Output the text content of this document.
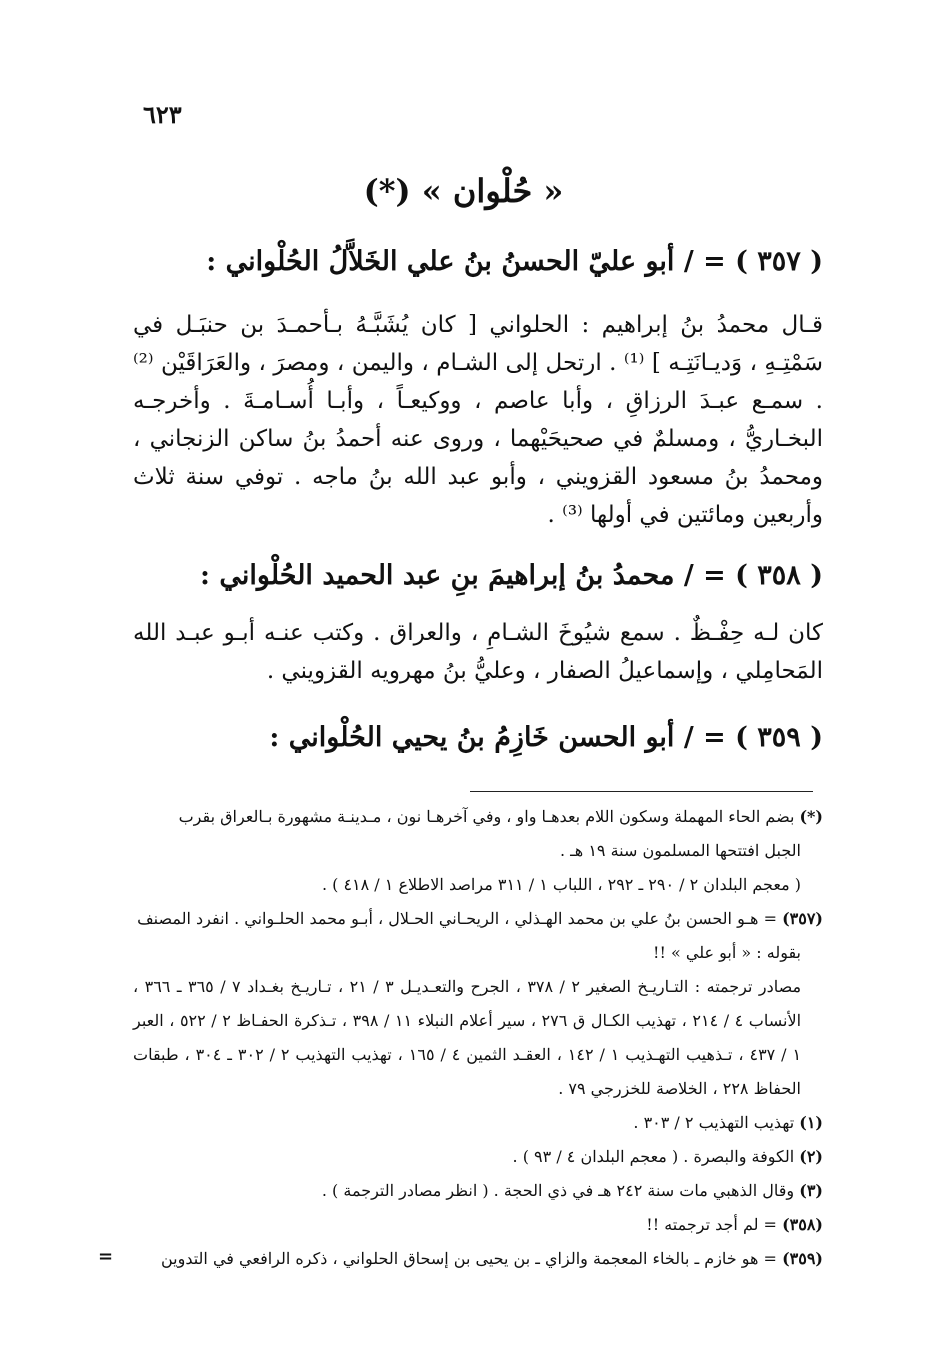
٦٢٣
« حُلْوان » (*)
( ٣٥٧ ) = / أبو عليّ الحسنُ بنُ علي الخَلاَّلُ الحُلْواني :

قـال محمدُ بنُ إبراهيم : الحلواني [ كان يُشَبَّـهُ بـأحمـدَ بن حنبَـل في سَمْتِـهِ ، وَديـانَتِـه ] ⁽¹⁾ . ارتحل إلى الشـام ، واليمن ، ومصرَ ، والعَرَاقَيْن ⁽²⁾ . سمـع عبـدَ الرزاقِ ، وأبا عاصم ، ووكيعـاً ، وأبـا أُسـامـةَ . وأخرجـه البخـاريُّ ، ومسلمٌ في صحيحَيْهما ، وروى عنه أحمدُ بنُ ساكن الزنجاني ، ومحمدُ بنُ مسعود القزويني ، وأبو عبد الله بنُ ماجه . توفي سنة ثلاث وأربعين ومائتين في أولها ⁽³⁾ .

( ٣٥٨ ) = / محمدُ بنُ إبراهيمَ بنِ عبد الحميد الحُلْواني :

كان لـه حِفْـظٌ . سمع شيُوخَ الشـامِ ، والعراق . وكتب عنـه أبـو عبـد الله المَحامِلي ، وإسماعيلُ الصفار ، وعليُّ بنُ مهرويه القزويني .

( ٣٥٩ ) = / أبو الحسن خَازِمُ بنُ يحيي الحُلْواني :
(*) بضم الحاء المهملة وسكون اللام بعدهـا واو ، وفي آخرهـا نون ، مـدينـة مشهورة بـالعراق بقرب
الجبل افتتحها المسلمون سنة ١٩ هـ .
( معجم البلدان ٢ / ٢٩٠ ـ ٢٩٢ ، اللباب ١ / ٣١١ مراصد الاطلاع ١ / ٤١٨ ) .
(٣٥٧) = هـو الحسن بنُ علي بن محمد الهـذلي ، الريحـاني الحـلال ، أبـو محمد الحلـواني . انفرد المصنف
بقوله : « أبو علي » !!
مصادر ترجمته : التـاريـخ الصغير ٢ / ٣٧٨ ، الجرح والتعـديـل ٣ / ٢١ ، تـاريـخ بغـداد ٧ / ٣٦٥ ـ ٣٦٦ ، الأنساب ٤ / ٢١٤ ، تهذيب الكـال ق ٢٧٦ ، سير أعلام النبلاء ١١ / ٣٩٨ ، تـذكرة الحفـاظ ٢ / ٥٢٢ ، العبر ١ / ٤٣٧ ، تـذهيب التهـذيب ١ / ١٤٢ ، العقـد الثمين ٤ / ١٦٥ ، تهذيب التهذيب ٢ / ٣٠٢ ـ ٣٠٤ ، طبقات الحفاظ ٢٢٨ ، الخلاصة للخزرجي ٧٩ .
(١) تهذيب التهذيب ٢ / ٣٠٣ .
(٢) الكوفة والبصرة . ( معجم البلدان ٤ / ٩٣ ) .
(٣) وقال الذهبي مات سنة ٢٤٢ هـ في ذي الحجة . ( انظر مصادر الترجمة ) .
(٣٥٨) = لم أجد ترجمته !!
(٣٥٩) = هو خازم ـ بالخاء المعجمة والزاي ـ بن يحيى بن إسحاق الحلواني ، ذكره الرافعي في التدوين
=
